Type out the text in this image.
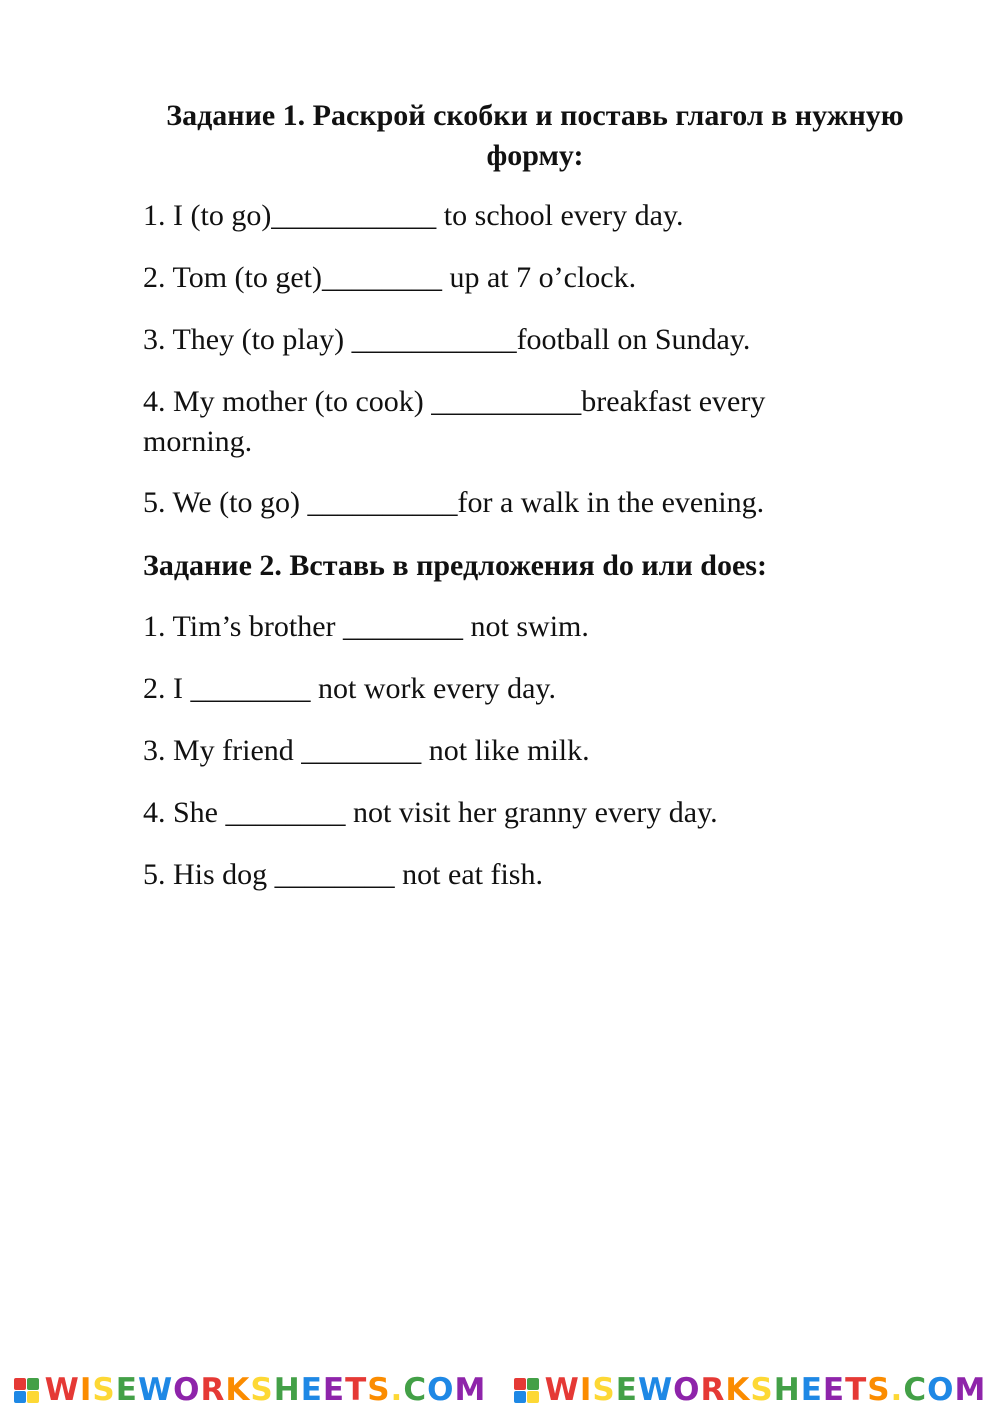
Задание 1. Раскрой скобки и поставь глагол в нужную форму:

1. I (to go)___________ to school every day.

2. Tom (to get)________ up at 7 o’clock.

3. They (to play) ___________football on Sunday.

4. My mother (to cook) __________breakfast every morning.

5. We (to go) __________for a walk in the evening.

Задание 2. Вставь в предложения do или does:

1. Tim’s brother ________ not swim.

2. I ________ not work every day.

3. My friend ________ not like milk.

4. She ________ not visit her granny every day.

5. His dog ________ not eat fish.

WISEWORKSHEETS.COM WISEWORKSHEETS.COM
